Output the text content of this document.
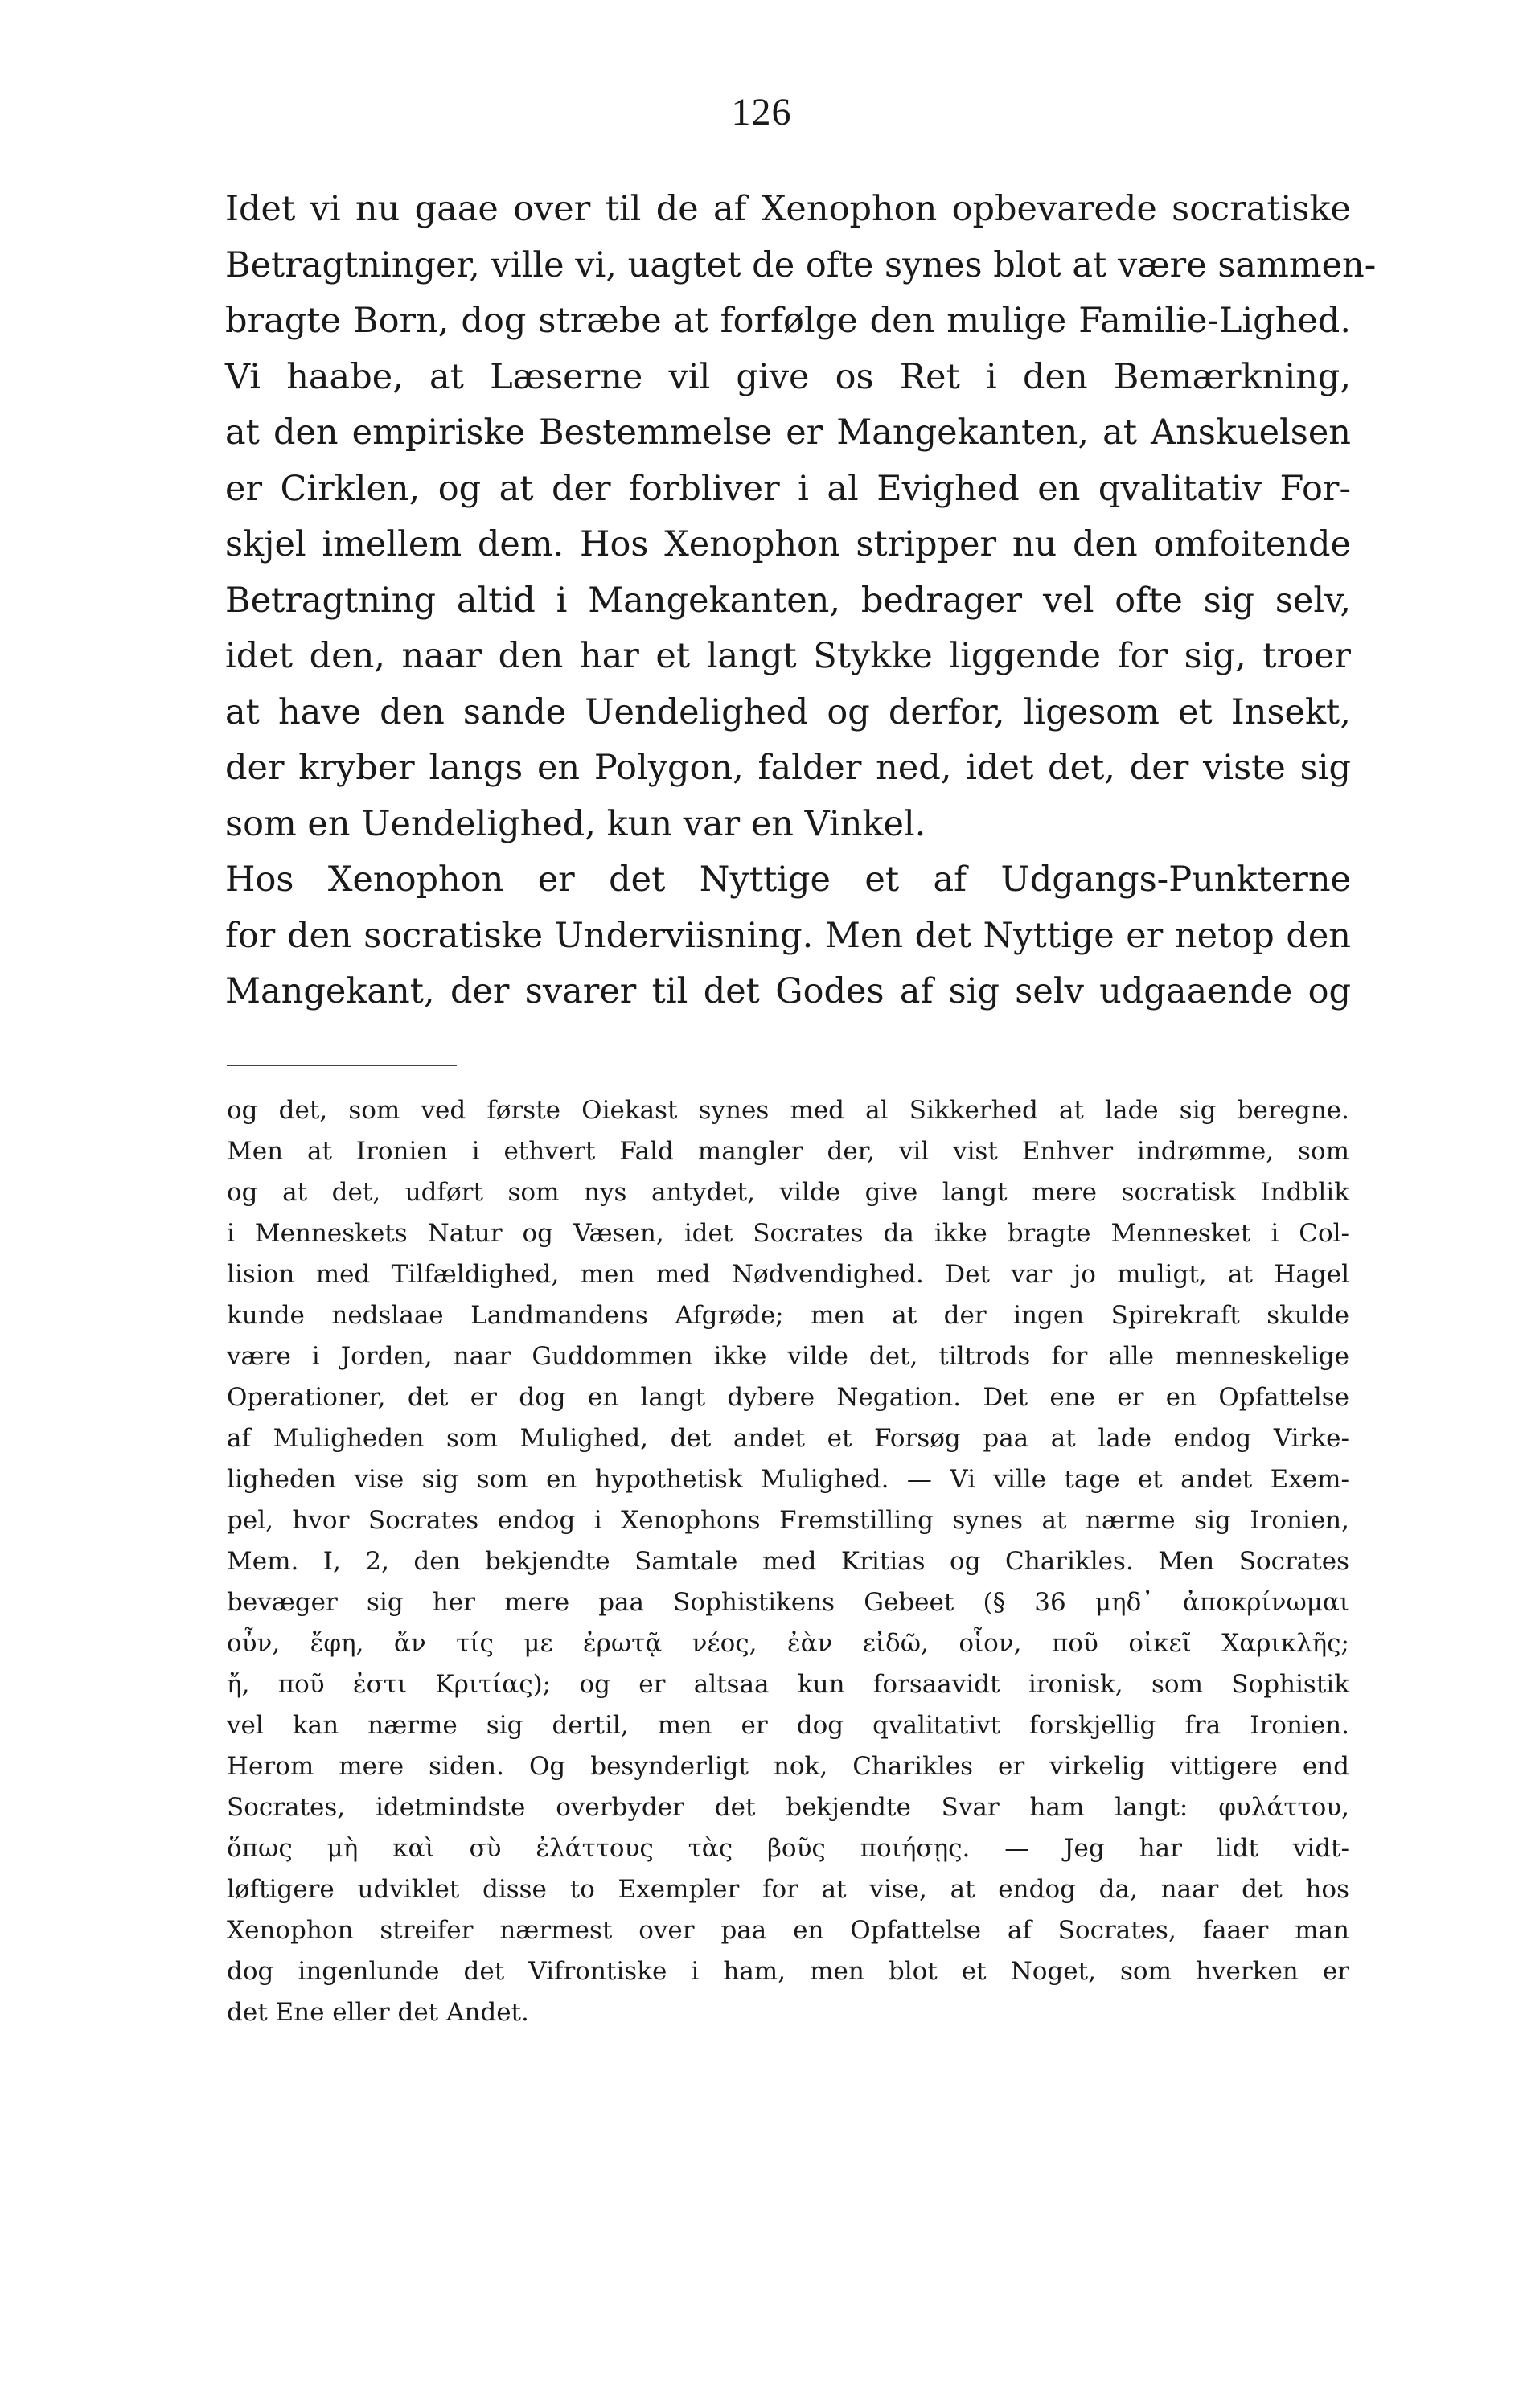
126
Idet vi nu gaae over til de af Xenophon opbevarede socratiske
Betragtninger, ville vi, uagtet de ofte synes blot at være sammen-
bragte Born, dog stræbe at forfølge den mulige Familie-Lighed.
Vi haabe, at Læserne vil give os Ret i den Bemærkning,
at den empiriske Bestemmelse er Mangekanten, at Anskuelsen
er Cirklen, og at der forbliver i al Evighed en qvalitativ For-
skjel imellem dem. Hos Xenophon stripper nu den omfoitende
Betragtning altid i Mangekanten, bedrager vel ofte sig selv,
idet den, naar den har et langt Stykke liggende for sig, troer
at have den sande Uendelighed og derfor, ligesom et Insekt,
der kryber langs en Polygon, falder ned, idet det, der viste sig
som en Uendelighed, kun var en Vinkel.
Hos Xenophon er det Nyttige et af Udgangs-Punkterne
for den socratiske Underviisning. Men det Nyttige er netop den
Mangekant, der svarer til det Godes af sig selv udgaaende og
og det, som ved første Oiekast synes med al Sikkerhed at lade sig beregne.
Men at Ironien i ethvert Fald mangler der, vil vist Enhver indrømme, som
og at det, udført som nys antydet, vilde give langt mere socratisk Indblik
i Menneskets Natur og Væsen, idet Socrates da ikke bragte Mennesket i Col-
lision med Tilfældighed, men med Nødvendighed. Det var jo muligt, at Hagel
kunde nedslaae Landmandens Afgrøde; men at der ingen Spirekraft skulde
være i Jorden, naar Guddommen ikke vilde det, tiltrods for alle menneskelige
Operationer, det er dog en langt dybere Negation. Det ene er en Opfattelse
af Muligheden som Mulighed, det andet et Forsøg paa at lade endog Virke-
ligheden vise sig som en hypothetisk Mulighed. — Vi ville tage et andet Exem-
pel, hvor Socrates endog i Xenophons Fremstilling synes at nærme sig Ironien,
Mem. I, 2, den bekjendte Samtale med Kritias og Charikles. Men Socrates
bevæger sig her mere paa Sophistikens Gebeet (§ 36 μηδ᾽ ἀποκρίνωμαι
οὖν, ἔφη, ἄν τίς με ἐρωτᾷ νέος, ἐὰν εἰδῶ, οἷον, ποῦ οἰκεῖ Χαρικλῆς;
ἤ, ποῦ ἐστι Κριτίας); og er altsaa kun forsaavidt ironisk, som Sophistik
vel kan nærme sig dertil, men er dog qvalitativt forskjellig fra Ironien.
Herom mere siden. Og besynderligt nok, Charikles er virkelig vittigere end
Socrates, idetmindste overbyder det bekjendte Svar ham langt: φυλάττου,
ὅπως μὴ καὶ σὺ ἐλάττους τὰς βοῦς ποιήσῃς. — Jeg har lidt vidt-
løftigere udviklet disse to Exempler for at vise, at endog da, naar det hos
Xenophon streifer nærmest over paa en Opfattelse af Socrates, faaer man
dog ingenlunde det Vifrontiske i ham, men blot et Noget, som hverken er
det Ene eller det Andet.
